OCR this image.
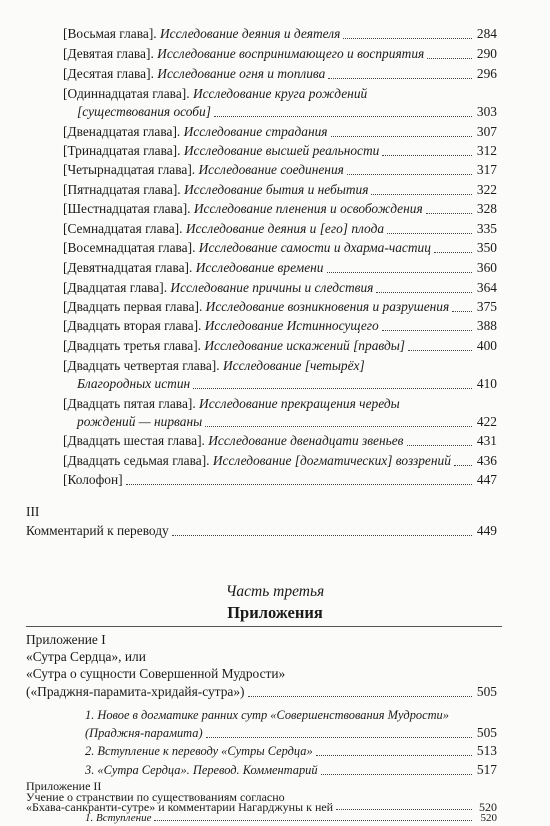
[Восьмая глава]. Исследование деяния и деятеля	284
[Девятая глава]. Исследование воспринимающего и восприятия	290
[Десятая глава]. Исследование огня и топлива	296
[Одиннадцатая глава]. Исследование круга рождений
[существования особи]	303
[Двенадцатая глава]. Исследование страдания	307
[Тринадцатая глава]. Исследование высшей реальности	312
[Четырнадцатая глава]. Исследование соединения	317
[Пятнадцатая глава]. Исследование бытия и небытия	322
[Шестнадцатая глава]. Исследование пленения и освобождения	328
[Семнадцатая глава]. Исследование деяния и [его] плода	335
[Восемнадцатая глава]. Исследование самости и дхарма-частиц	350
[Девятнадцатая глава]. Исследование времени	360
[Двадцатая глава]. Исследование причины и следствия	364
[Двадцать первая глава]. Исследование возникновения и разрушения 375
[Двадцать вторая глава]. Исследование Истинносущего	388
[Двадцать третья глава]. Исследование искажений [правды]	400
[Двадцать четвертая глава]. Исследование [четырёх]
Благородных истин	410
[Двадцать пятая глава]. Исследование прекращения череды
рождений — нирваны	422
[Двадцать шестая глава]. Исследование двенадцати звеньев	431
[Двадцать седьмая глава]. Исследование [догматических] воззрений 436
[Колофон]	447
III
Комментарий к переводу	449
Часть третья
Приложения
Приложение I
«Сутра Сердца», или
«Сутра о сущности Совершенной Мудрости»
(«Праджня-парамита-хридайя-сутра»)	505
1. Новое в догматике ранних сутр «Совершенствования Мудрости»
(Праджня-парамита)	505
2. Вступление к переводу «Сутры Сердца»	513
3. «Сутра Сердца». Перевод. Комментарий	517
Приложение II
Учение о странствии по существованиям согласно
«Бхава-санкранти-сутре» и комментарии Нагарджуны к ней	520
1. Вступление	520
